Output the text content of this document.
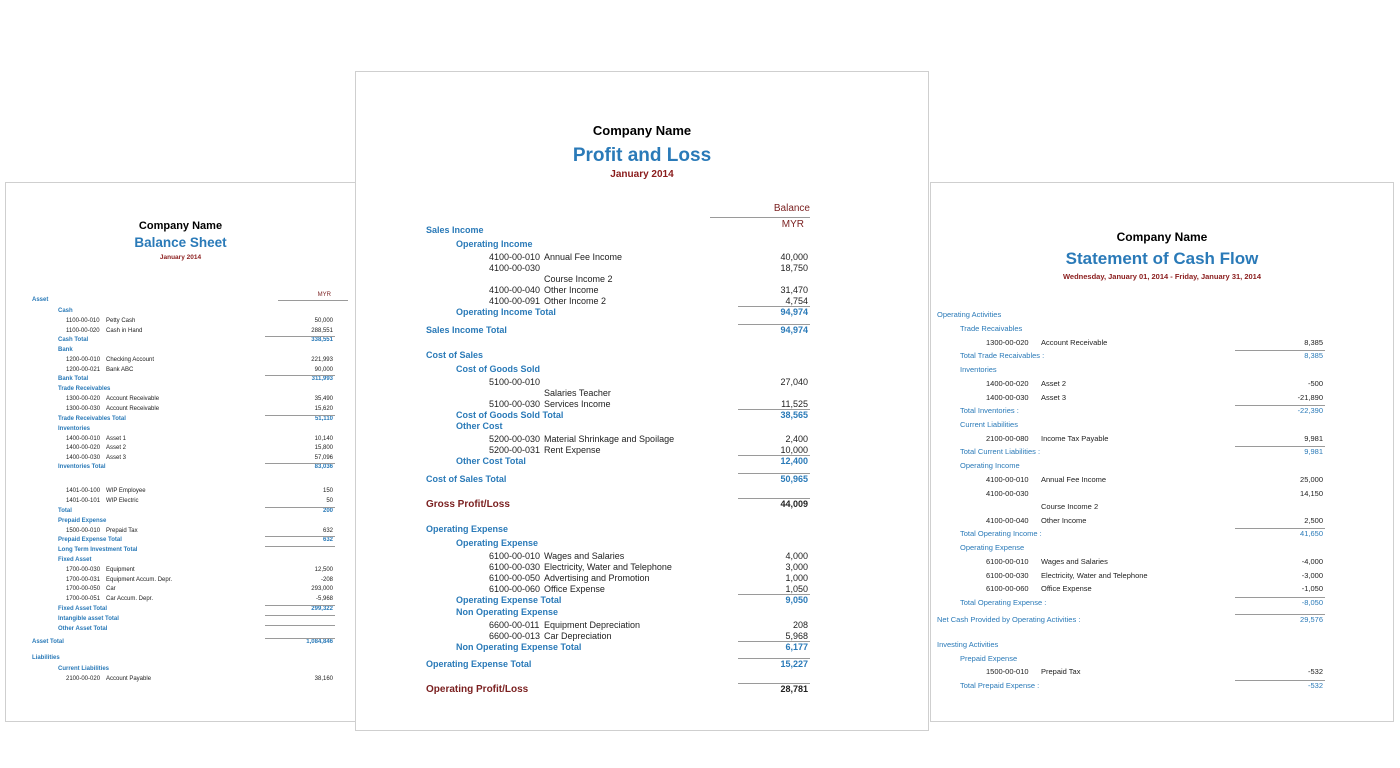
Company Name
Balance Sheet
January 2014
MYR
Asset
Cash
1100-00-010 Petty Cash	50,000
1100-00-020 Cash in Hand	288,551
Cash Total	338,551
Bank
1200-00-010 Checking Account	221,993
1200-00-021 Bank ABC	90,000
Bank Total	311,993
Trade Receivables
1300-00-020 Account Receivable	35,490
1300-00-030 Account Receivable	15,620
Trade Receivables Total	51,110
Inventories
1400-00-010 Asset 1	10,140
1400-00-020 Asset 2	15,800
1400-00-030 Asset 3	57,096
Inventories Total	83,036
1401-00-100 WIP Employee	150
1401-00-101 WIP Electric	50
Total	200
Prepaid Expense
1500-00-010 Prepaid Tax	632
Prepaid Expense Total	632
Long Term Investment Total
Fixed Asset
1700-00-030 Equipment	12,500
1700-00-031 Equipment Accum. Depr.	-208
1700-00-050 Car	293,000
1700-00-051 Car Accum. Depr.	-5,968
Fixed Asset Total	299,322
Intangible asset Total
Other Asset Total
Asset Total	1,084,846
Liabilities
Current Liabilities
2100-00-020 Account Payable	38,160
Company Name
Statement of Cash Flow
Wednesday, January 01, 2014 - Friday, January 31, 2014
Operating Activities
Trade Recaivables
1300-00-020 Account Receivable	8,385
Total Trade Recaivables :	8,385
Inventories
1400-00-020 Asset 2	-500
1400-00-030 Asset 3	-21,890
Total Inventories :	-22,390
Current Liabilities
2100-00-080 Income Tax Payable	9,981
Total Current Liabilities :	9,981
Operating Income
4100-00-010 Annual Fee Income	25,000
4100-00-030	14,150
Course Income 2
4100-00-040 Other Income	2,500
Total Operating Income :	41,650
Operating Expense
6100-00-010 Wages and Salaries	-4,000
6100-00-030 Electricity, Water and Telephone	-3,000
6100-00-060 Office Expense	-1,050
Total Operating Expense :	-8,050
Net Cash Provided by Operating Activities :	29,576
Investing Activities
Prepaid Expense
1500-00-010 Prepaid Tax	-532
Total Prepaid Expense :	-532
Company Name
Profit and Loss
January 2014
Balance
MYR
Sales Income
Operating Income
4100-00-010 Annual Fee Income	40,000
4100-00-030	18,750
Course Income 2
4100-00-040 Other Income	31,470
4100-00-091 Other Income 2	4,754
Operating Income Total	94,974
Sales Income Total	94,974
Cost of Sales
Cost of Goods Sold
5100-00-010	27,040
Salaries Teacher
5100-00-030 Services Income	11,525
Cost of Goods Sold Total	38,565
Other Cost
5200-00-030 Material Shrinkage and Spoilage	2,400
5200-00-031 Rent Expense	10,000
Other Cost Total	12,400
Cost of Sales Total	50,965
Gross Profit/Loss	44,009
Operating Expense
Operating Expense
6100-00-010 Wages and Salaries	4,000
6100-00-030 Electricity, Water and Telephone	3,000
6100-00-050 Advertising and Promotion	1,000
6100-00-060 Office Expense	1,050
Operating Expense Total	9,050
Non Operating Expense
6600-00-011 Equipment Depreciation	208
6600-00-013 Car Depreciation	5,968
Non Operating Expense Total	6,177
Operating Expense Total	15,227
Operating Profit/Loss	28,781
